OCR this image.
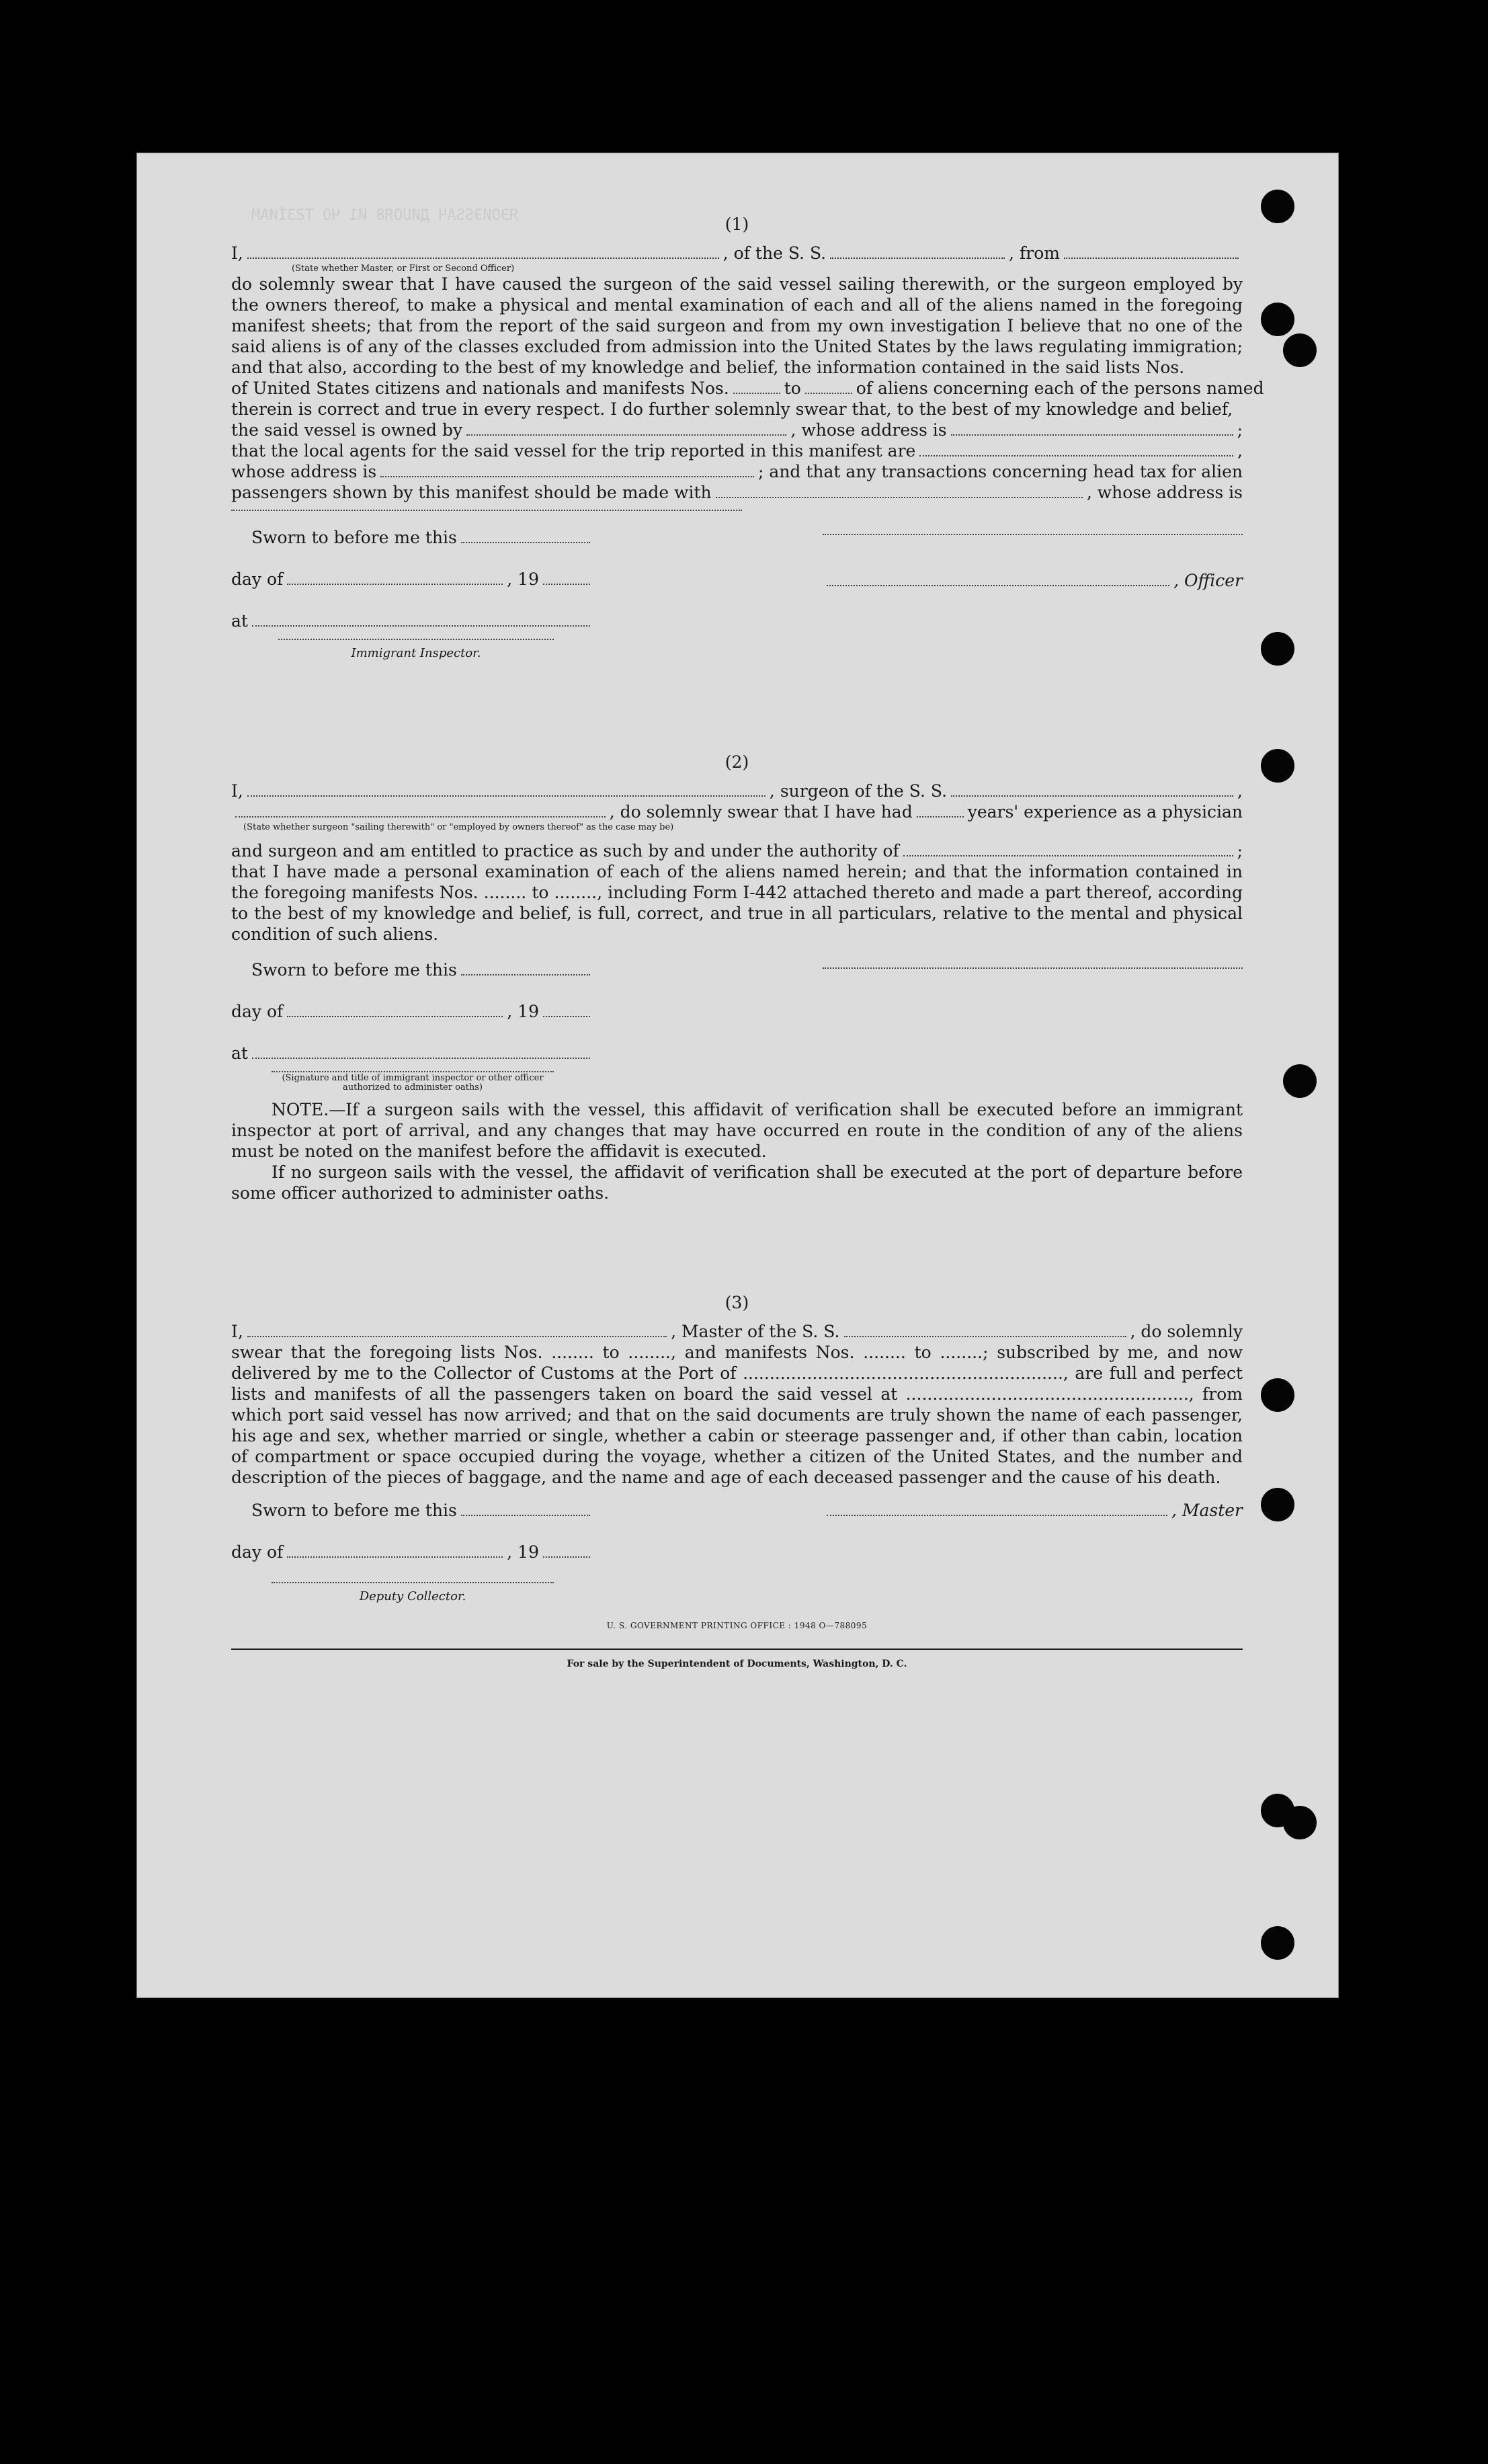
ЯЭОИЭSSAЧ ДИUOЯ8 И1 ЧО TƧЗЇИAM	(1)
I,	, of the S. S.	, from
(State whether Master, or First or Second Officer)
do solemnly swear that I have caused the surgeon of the said vessel sailing therewith, or the surgeon employed by the owners thereof, to make a physical and mental examination of each and all of the aliens named in the foregoing manifest sheets; that from the report of the said surgeon and from my own investigation I believe that no one of the said aliens is of any of the classes excluded from admission into the United States by the laws regulating immigration; and that also, according to the best of my knowledge and belief, the information contained in the said lists Nos.
of United States citizens and nationals and manifests Nos.	to	of aliens concerning each of the persons named
therein is correct and true in every respect. I do further solemnly swear that, to the best of my knowledge and belief,
the said vessel is owned by	, whose address is	;
that the local agents for the said vessel for the trip reported in this manifest are	,
whose address is	; and that any transactions concerning head tax for alien
passengers shown by this manifest should be made with	, whose address is
Sworn to before me this
day of	, 19
at
, Officer
Immigrant Inspector.
(2)
I,	, surgeon of the S. S.	,
, do solemnly swear that I have had	years' experience as a physician
(State whether surgeon "sailing therewith" or "employed by owners thereof" as the case may be)
and surgeon and am entitled to practice as such by and under the authority of	;
that I have made a personal examination of each of the aliens named herein; and that the information contained in the foregoing manifests Nos. ........ to ........, including Form I-442 attached thereto and made a part thereof, according to the best of my knowledge and belief, is full, correct, and true in all particulars, relative to the mental and physical condition of such aliens.
Sworn to before me this
day of	, 19
at
(Signature and title of immigrant inspector or other officer authorized to administer oaths)
NOTE.—If a surgeon sails with the vessel, this affidavit of verification shall be executed before an immigrant inspector at port of arrival, and any changes that may have occurred en route in the condition of any of the aliens must be noted on the manifest before the affidavit is executed.
If no surgeon sails with the vessel, the affidavit of verification shall be executed at the port of departure before some officer authorized to administer oaths.
(3)
I,	, Master of the S. S.	, do solemnly
swear that the foregoing lists Nos. ........ to ........, and manifests Nos. ........ to ........; subscribed by me, and now delivered by me to the Collector of Customs at the Port of ............................................................, are full and perfect lists and manifests of all the passengers taken on board the said vessel at ....................................................., from which port said vessel has now arrived; and that on the said documents are truly shown the name of each passenger, his age and sex, whether married or single, whether a cabin or steerage passenger and, if other than cabin, location of compartment or space occupied during the voyage, whether a citizen of the United States, and the number and description of the pieces of baggage, and the name and age of each deceased passenger and the cause of his death.
Sworn to before me this
day of	, 19
, Master
Deputy Collector.
U. S. GOVERNMENT PRINTING OFFICE : 1948 O—788095
For sale by the Superintendent of Documents, Washington, D. C.
